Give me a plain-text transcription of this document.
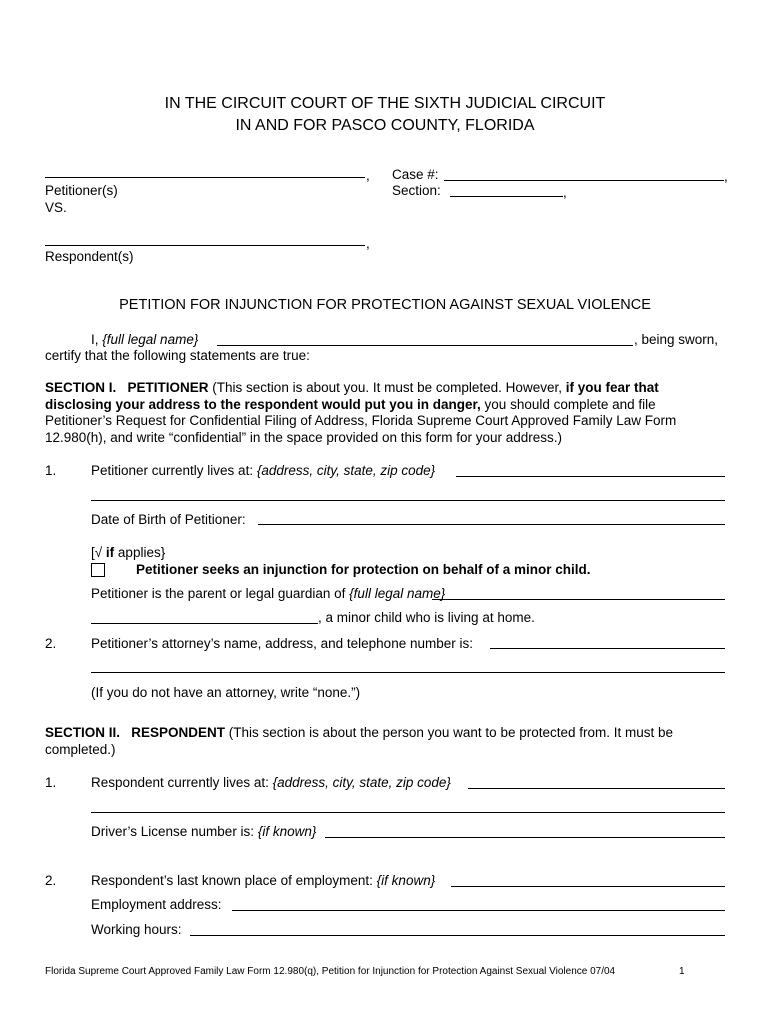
IN THE CIRCUIT COURT OF THE SIXTH JUDICIAL CIRCUIT
IN AND FOR PASCO COUNTY, FLORIDA
,
Petitioner(s)
VS.
Case #:	,
Section:	,
,
Respondent(s)
PETITION FOR INJUNCTION FOR PROTECTION AGAINST SEXUAL VIOLENCE
I, {full legal name}	, being sworn,
certify that the following statements are true:
SECTION I. PETITIONER (This section is about you. It must be completed. However, if you fear that disclosing your address to the respondent would put you in danger, you should complete and file Petitioner’s Request for Confidential Filing of Address, Florida Supreme Court Approved Family Law Form 12.980(h), and write “confidential” in the space provided on this form for your address.)
1.	Petitioner currently lives at: {address, city, state, zip code}
Date of Birth of Petitioner:
[√ if applies}
Petitioner seeks an injunction for protection on behalf of a minor child.
Petitioner is the parent or legal guardian of {full legal name}
, a minor child who is living at home.
2.	Petitioner’s attorney’s name, address, and telephone number is:
(If you do not have an attorney, write “none.”)
SECTION II. RESPONDENT (This section is about the person you want to be protected from. It must be completed.)
1.	Respondent currently lives at: {address, city, state, zip code}
Driver’s License number is: {if known}
2.	Respondent’s last known place of employment: {if known}
Employment address:
Working hours:
Florida Supreme Court Approved Family Law Form 12.980(q), Petition for Injunction for Protection Against Sexual Violence 07/04	1
